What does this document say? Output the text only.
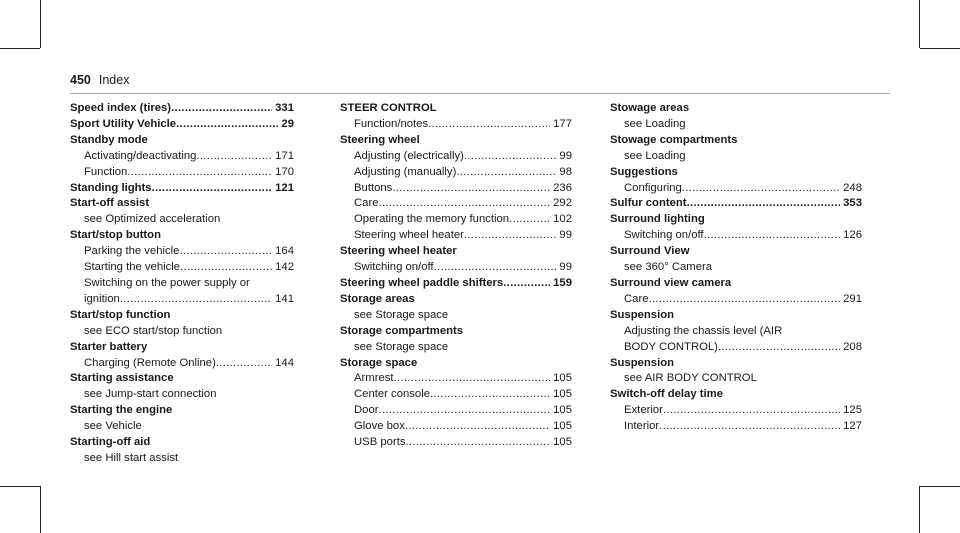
450 Index
Speed index (tires) .....	331
Sport Utility Vehicle .....	29
Standby mode
Activating/deactivating .....	171
Function .....	170
Standing lights .....	121
Start-off assist
see Optimized acceleration
Start/stop button
Parking the vehicle .....	164
Starting the vehicle .....	142
Switching on the power supply or
ignition .....	141
Start/stop function
see ECO start/stop function
Starter battery
Charging (Remote Online) .....	144
Starting assistance
see Jump-start connection
Starting the engine
see Vehicle
Starting-off aid
see Hill start assist
STEER CONTROL
Function/notes .....	177
Steering wheel
Adjusting (electrically) .....	99
Adjusting (manually) .....	98
Buttons .....	236
Care .....	292
Operating the memory function .....	102
Steering wheel heater .....	99
Steering wheel heater
Switching on/off .....	99
Steering wheel paddle shifters .....	159
Storage areas
see Storage space
Storage compartments
see Storage space
Storage space
Armrest .....	105
Center console .....	105
Door .....	105
Glove box .....	105
USB ports .....	105
Stowage areas
see Loading
Stowage compartments
see Loading
Suggestions
Configuring .....	248
Sulfur content .....	353
Surround lighting
Switching on/off .....	126
Surround View
see 360° Camera
Surround view camera
Care .....	291
Suspension
Adjusting the chassis level (AIR
BODY CONTROL) .....	208
Suspension
see AIR BODY CONTROL
Switch-off delay time
Exterior .....	125
Interior .....	127
